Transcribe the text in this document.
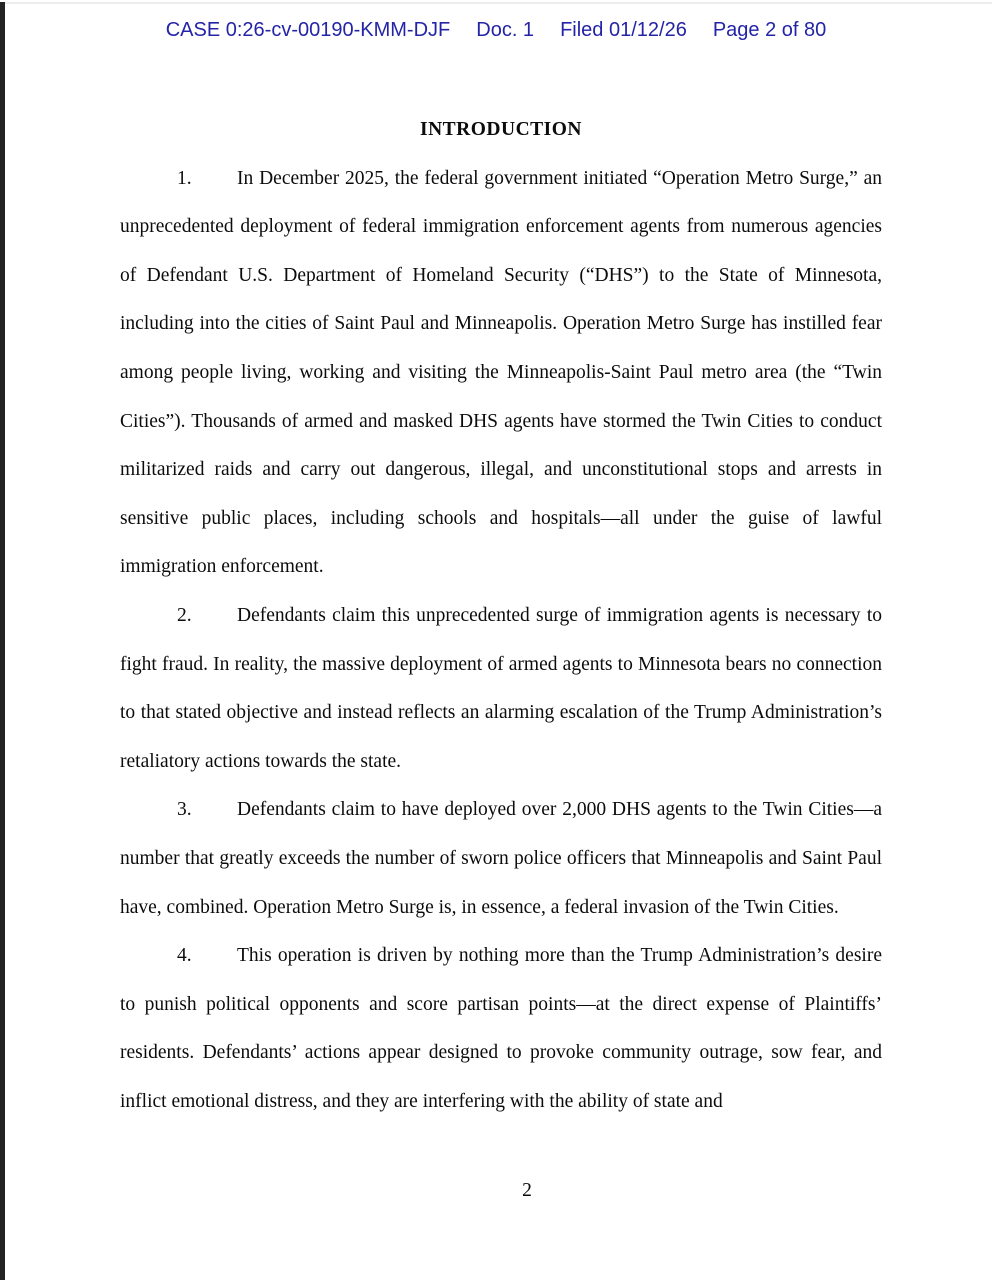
CASE 0:26-cv-00190-KMM-DJF Doc. 1 Filed 01/12/26 Page 2 of 80
INTRODUCTION

1. In December 2025, the federal government initiated “Operation Metro Surge,” an unprecedented deployment of federal immigration enforcement agents from numerous agencies of Defendant U.S. Department of Homeland Security (“DHS”) to the State of Minnesota, including into the cities of Saint Paul and Minneapolis. Operation Metro Surge has instilled fear among people living, working and visiting the Minneapolis-Saint Paul metro area (the “Twin Cities”). Thousands of armed and masked DHS agents have stormed the Twin Cities to conduct militarized raids and carry out dangerous, illegal, and unconstitutional stops and arrests in sensitive public places, including schools and hospitals—all under the guise of lawful immigration enforcement.

2. Defendants claim this unprecedented surge of immigration agents is necessary to fight fraud. In reality, the massive deployment of armed agents to Minnesota bears no connection to that stated objective and instead reflects an alarming escalation of the Trump Administration’s retaliatory actions towards the state.

3. Defendants claim to have deployed over 2,000 DHS agents to the Twin Cities—a number that greatly exceeds the number of sworn police officers that Minneapolis and Saint Paul have, combined. Operation Metro Surge is, in essence, a federal invasion of the Twin Cities.

4. This operation is driven by nothing more than the Trump Administration’s desire to punish political opponents and score partisan points—at the direct expense of Plaintiffs’ residents. Defendants’ actions appear designed to provoke community outrage, sow fear, and inflict emotional distress, and they are interfering with the ability of state and

2
